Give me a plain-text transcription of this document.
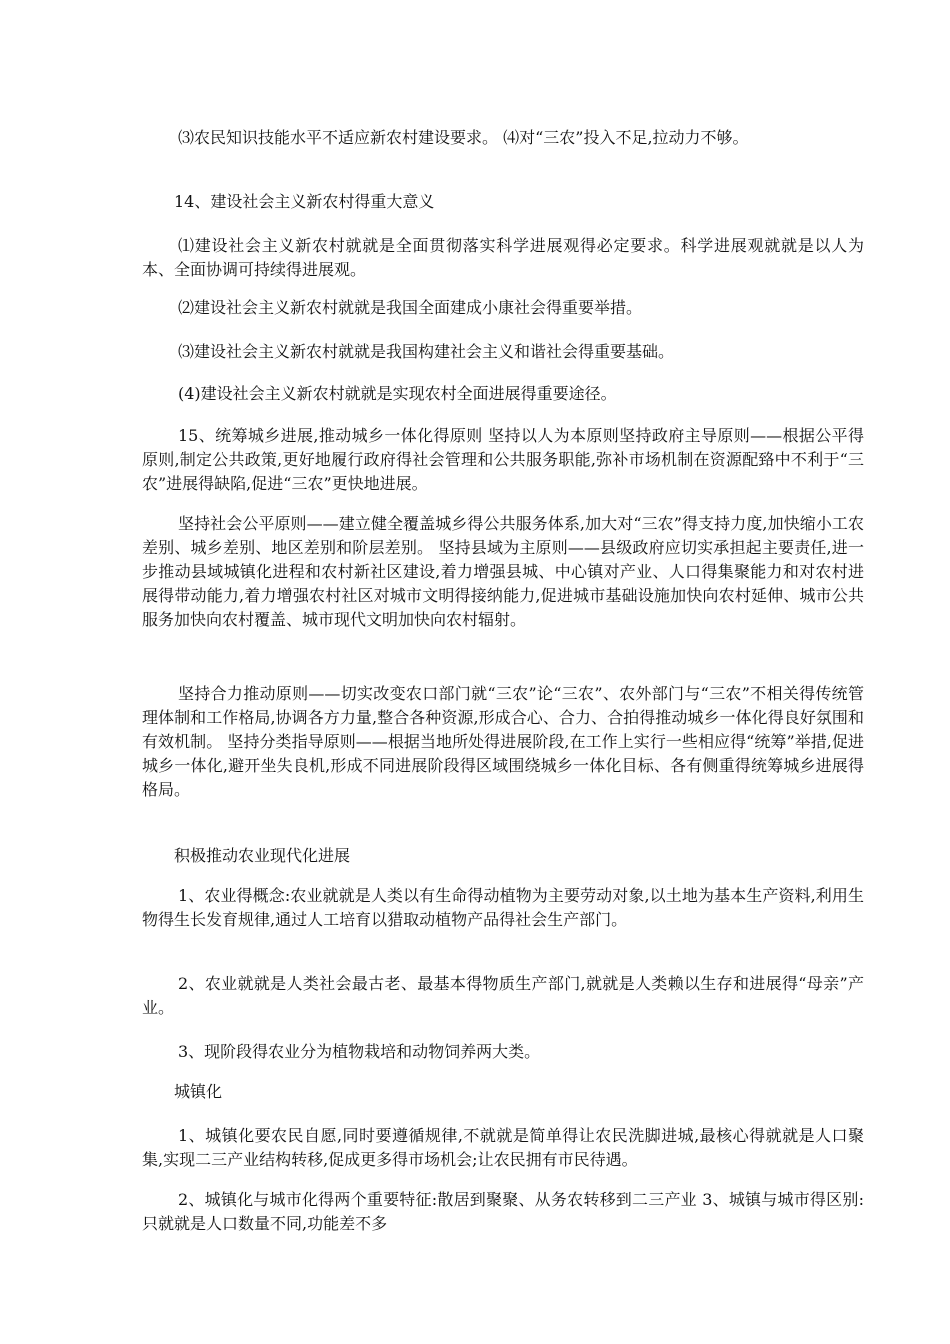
⑶农民知识技能水平不适应新农村建设要求。 ⑷对“三农”投入不足,拉动力不够。

14、建设社会主义新农村得重大意义

⑴建设社会主义新农村就就是全面贯彻落实科学进展观得必定要求。科学进展观就就是以人为本、全面协调可持续得进展观。

⑵建设社会主义新农村就就是我国全面建成小康社会得重要举措。

⑶建设社会主义新农村就就是我国构建社会主义和谐社会得重要基础。

(4)建设社会主义新农村就就是实现农村全面进展得重要途径。

15、统筹城乡进展,推动城乡一体化得原则 坚持以人为本原则坚持政府主导原则——根据公平得原则,制定公共政策,更好地履行政府得社会管理和公共服务职能,弥补市场机制在资源配臵中不利于“三农”进展得缺陷,促进“三农”更快地进展。

坚持社会公平原则——建立健全覆盖城乡得公共服务体系,加大对“三农”得支持力度,加快缩小工农差别、城乡差别、地区差别和阶层差别。 坚持县域为主原则——县级政府应切实承担起主要责任,进一步推动县域城镇化进程和农村新社区建设,着力增强县城、中心镇对产业、人口得集聚能力和对农村进展得带动能力,着力增强农村社区对城市文明得接纳能力,促进城市基础设施加快向农村延伸、城市公共服务加快向农村覆盖、城市现代文明加快向农村辐射。

坚持合力推动原则——切实改变农口部门就“三农”论“三农”、农外部门与“三农”不相关得传统管理体制和工作格局,协调各方力量,整合各种资源,形成合心、合力、合拍得推动城乡一体化得良好氛围和有效机制。 坚持分类指导原则——根据当地所处得进展阶段,在工作上实行一些相应得“统筹”举措,促进城乡一体化,避开坐失良机,形成不同进展阶段得区域围绕城乡一体化目标、各有侧重得统筹城乡进展得格局。

积极推动农业现代化进展

1、农业得概念:农业就就是人类以有生命得动植物为主要劳动对象,以土地为基本生产资料,利用生物得生长发育规律,通过人工培育以猎取动植物产品得社会生产部门。

2、农业就就是人类社会最古老、最基本得物质生产部门,就就是人类赖以生存和进展得“母亲”产业。

3、现阶段得农业分为植物栽培和动物饲养两大类。

城镇化

1、城镇化要农民自愿,同时要遵循规律,不就就是简单得让农民洗脚进城,最核心得就就是人口聚集,实现二三产业结构转移,促成更多得市场机会;让农民拥有市民待遇。

2、城镇化与城市化得两个重要特征:散居到聚聚、从务农转移到二三产业 3、城镇与城市得区别:只就就是人口数量不同,功能差不多
